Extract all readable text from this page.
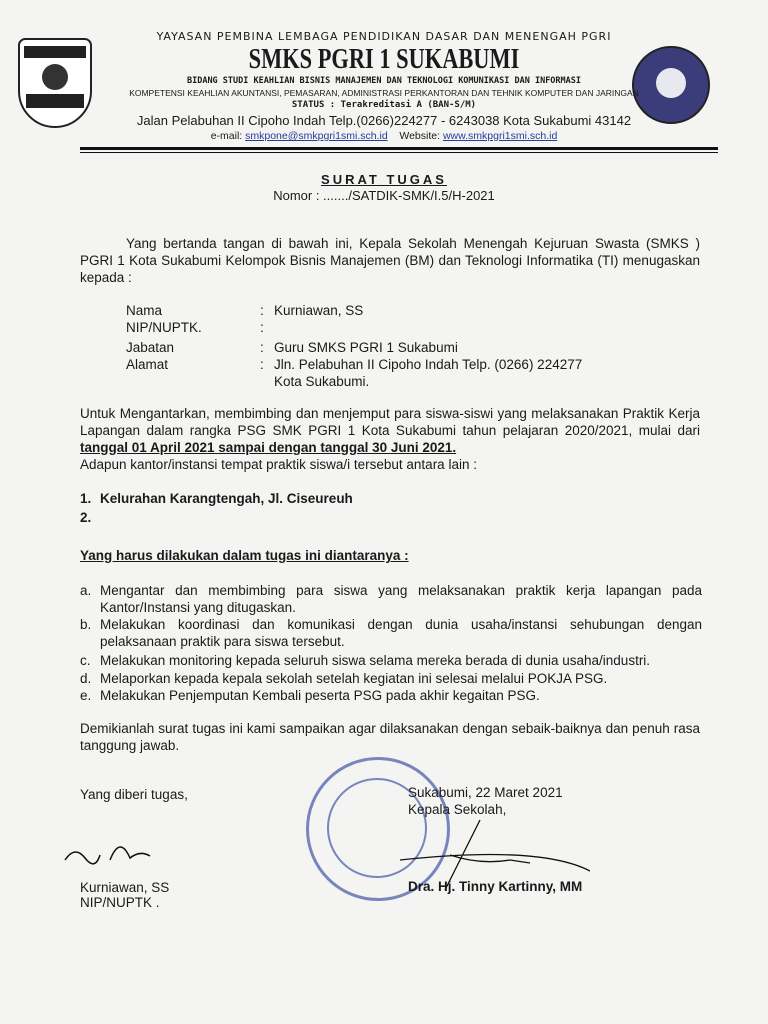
YAYASAN PEMBINA LEMBAGA PENDIDIKAN DASAR DAN MENENGAH PGRI
SMKS PGRI 1 SUKABUMI
BIDANG STUDI KEAHLIAN BISNIS MANAJEMEN DAN TEKNOLOGI KOMUNIKASI DAN INFORMASI
KOMPETENSI KEAHLIAN AKUNTANSI, PEMASARAN, ADMINISTRASI PERKANTORAN DAN TEHNIK KOMPUTER DAN JARINGAN
STATUS : Terakreditasi A (BAN-S/M)
Jalan Pelabuhan II Cipoho Indah Telp.(0266)224277 - 6243038 Kota Sukabumi 43142
e-mail: smkpone@smkpgri1smi.sch.id Website: www.smkpgri1smi.sch.id
SURAT TUGAS
Nomor : ......./SATDIK-SMK/I.5/H-2021
Yang bertanda tangan di bawah ini, Kepala Sekolah Menengah Kejuruan Swasta (SMKS ) PGRI 1 Kota Sukabumi Kelompok Bisnis Manajemen (BM) dan Teknologi Informatika (TI) menugaskan kepada :
Nama	: Kurniawan, SS
NIP/NUPTK.	:
Jabatan	: Guru SMKS PGRI 1 Sukabumi
Alamat	: Jln. Pelabuhan II Cipoho Indah Telp. (0266) 224277
Kota Sukabumi.
Untuk Mengantarkan, membimbing dan menjemput para siswa-siswi yang melaksanakan Praktik Kerja Lapangan dalam rangka PSG SMK PGRI 1 Kota Sukabumi tahun pelajaran 2020/2021, mulai dari tanggal 01 April 2021 sampai dengan tanggal 30 Juni 2021.
Adapun kantor/instansi tempat praktik siswa/i tersebut antara lain :
1. Kelurahan Karangtengah, Jl. Ciseureuh
2.
Yang harus dilakukan dalam tugas ini diantaranya :
a. Mengantar dan membimbing para siswa yang melaksanakan praktik kerja lapangan pada Kantor/Instansi yang ditugaskan.
b. Melakukan koordinasi dan komunikasi dengan dunia usaha/instansi sehubungan dengan pelaksanaan praktik para siswa tersebut.
c. Melakukan monitoring kepada seluruh siswa selama mereka berada di dunia usaha/industri.
d. Melaporkan kepada kepala sekolah setelah kegiatan ini selesai melalui POKJA PSG.
e. Melakukan Penjemputan Kembali peserta PSG pada akhir kegaitan PSG.
Demikianlah surat tugas ini kami sampaikan agar dilaksanakan dengan sebaik-baiknya dan penuh rasa tanggung jawab.
Yang diberi tugas,
Kurniawan, SS
NIP/NUPTK .
Sukabumi, 22 Maret 2021
Kepala Sekolah,
Dra. Hj. Tinny Kartinny, MM
